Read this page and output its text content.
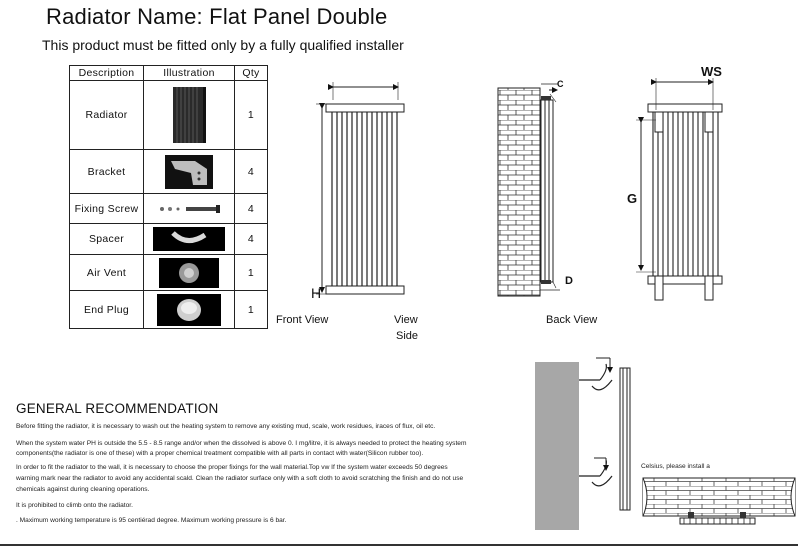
Radiator Name: Flat Panel Double
This product must be fitted only by a fully qualified installer
Description	Illustration	Qty
Radiator		1
Bracket		4
Fixing Screw		4
Spacer		4
Air Vent		1
End Plug		1
H
C
D
WS
G
Front View	View
Side
Back View
GENERAL RECOMMENDATION
Before fitting the radiator, it is necessary to wash out the heating system to remove any existing mud, scale, work residues, iraces of flux, oil etc.
When the system water PH is outside the 5.5 - 8.5 range and/or when the dissolved is above 0. I mg/litre, it is always needed to protect the heating system
components(the radiator is one of these) with a proper chemical treatment compatible with all parts in contact with water(Silicon rubber too).
In order to fit the radiator to the wall, it is necessary to choose the proper fixings for the wall material.Top vw If the system water exceeds 50 degrees
warning mark near the radiator to avoid any accidental scald. Clean the radiator surface only with a soft cloth to avoid scratching the finish and do not use
chemicals against during cleaning operations.
It is prohibited to climb onto the radiator.
. Maximum working temperature is 95 centiérad degree. Maximum working pressure is 6 bar.
Celsius, please install a
